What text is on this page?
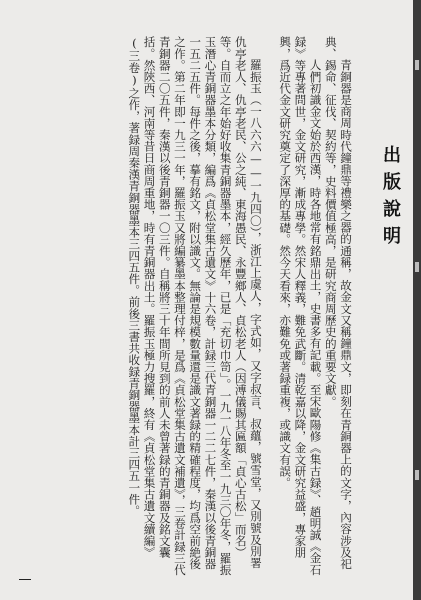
出版說明

青銅器是商周時代鐘鼎等禮樂之器的通稱，故金文又稱鐘鼎文，即刻在青銅器上的文字，內容涉及祀典、錫命、征伐、契約等，史料價值極高，是研究商周歷史的重要文獻。

人們初識金文始於西漢，時各地常有銘鼎出土，史書多有記載。至宋歐陽修《集古録》、趙明誠《金石録》等專著問世，金文研究，漸成專學。然宋人釋義，難免武斷。清乾嘉以降，金文研究益盛，專家朋興，爲近代金文研究奠定了深厚的基礎。然今天看來，亦難免或著録重複，或識文有誤。

羅振玉（一八六六——一九四〇），浙江上虞人，字式如，又字叔言、叔蘊，號雪堂，又別號及別署仇亭老人、仇亭老民、公之純、東海愚民、永豐鄉人、貞松老人（因溥儀賜其匾額「貞心古松」而名）等。自而立之年始好收集青銅器墨本，經久歷年，已是「充切巾笥」。一九一八年冬至一九三〇年冬，羅振玉潛心青銅器墨本分類，編爲《貞松堂集古遺文》十六卷，計録三代青銅器一二二七件，秦漢以後青銅器一五二五件。每件之後，摹有銘文，附以識文。無論是規模數量還是識文著録的精確程度，均爲空前絶後之作。第二年即一九三一年，羅振玉又將編纂墨本整理付梓，是爲《貞松堂集古遺文補遺》，三卷計録三代青銅器二〇五件，秦漢以後青銅器一〇三件。自稱將三十年間所見到的前人未曾著録的青銅器及銘文囊括。然陝西、河南等昔日商周重地，時有青銅器出土。羅振玉極力搜羅，終有《貞松堂集古遺文續編》(三卷)之作，著録周秦漢青銅器墨本三四五件。前後三書共收録青銅器墨本計三四五一件。
